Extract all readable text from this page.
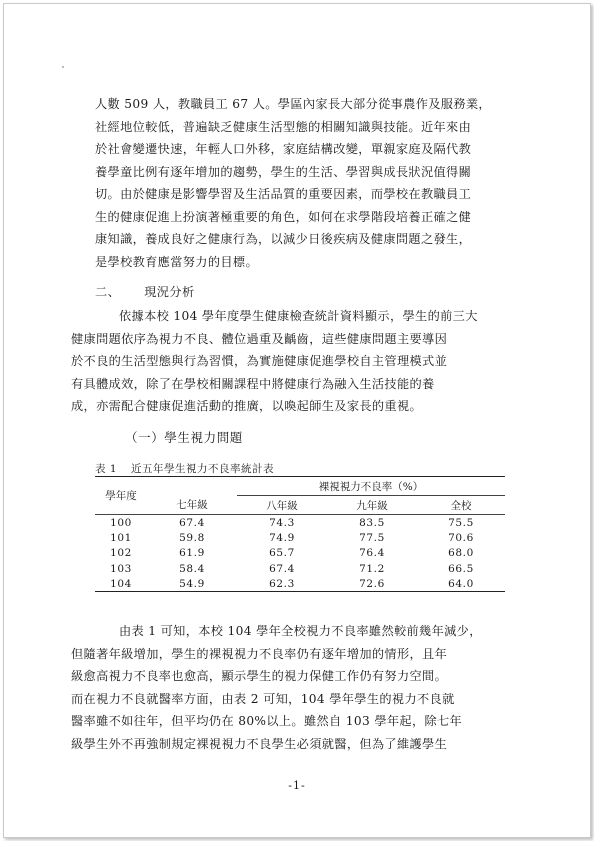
人數 509 人，教職員工 67 人。學區內家長大部分從事農作及服務業，

社經地位較低，普遍缺乏健康生活型態的相關知識與技能。近年來由

於社會變遷快速，年輕人口外移，家庭結構改變，單親家庭及隔代教

養學童比例有逐年增加的趨勢，學生的生活、學習與成長狀況值得關

切。由於健康是影響學習及生活品質的重要因素，而學校在教職員工

生的健康促進上扮演著極重要的角色，如何在求學階段培養正確之健

康知識，養成良好之健康行為，以減少日後疾病及健康問題之發生，

是學校教育應當努力的目標。

二、 現況分析

依據本校 104 學年度學生健康檢查統計資料顯示，學生的前三大

健康問題依序為視力不良、體位過重及齲齒，這些健康問題主要導因

於不良的生活型態與行為習慣，為實施健康促進學校自主管理模式並

有具體成效，除了在學校相關課程中將健康行為融入生活技能的養

成，亦需配合健康促進活動的推廣，以喚起師生及家長的重視。

（一）學生視力問題
表 1 近五年學生視力不良率統計表
學年度		裸視視力不良率（%）		
	七年級	八年級	九年級	全校
100	67.4	74.3	83.5	75.5
101	59.8	74.9	77.5	70.6
102	61.9	65.7	76.4	68.0
103	58.4	67.4	71.2	66.5
104	54.9	62.3	72.6	64.0

由表 1 可知，本校 104 學年全校視力不良率雖然較前幾年減少，

但隨著年級增加，學生的裸視視力不良率仍有逐年增加的情形，且年

級愈高視力不良率也愈高，顯示學生的視力保健工作仍有努力空間。

而在視力不良就醫率方面，由表 2 可知，104 學年學生的視力不良就

醫率雖不如往年，但平均仍在 80%以上。雖然自 103 學年起，除七年

級學生外不再強制規定裸視視力不良學生必須就醫，但為了維護學生

-1-
